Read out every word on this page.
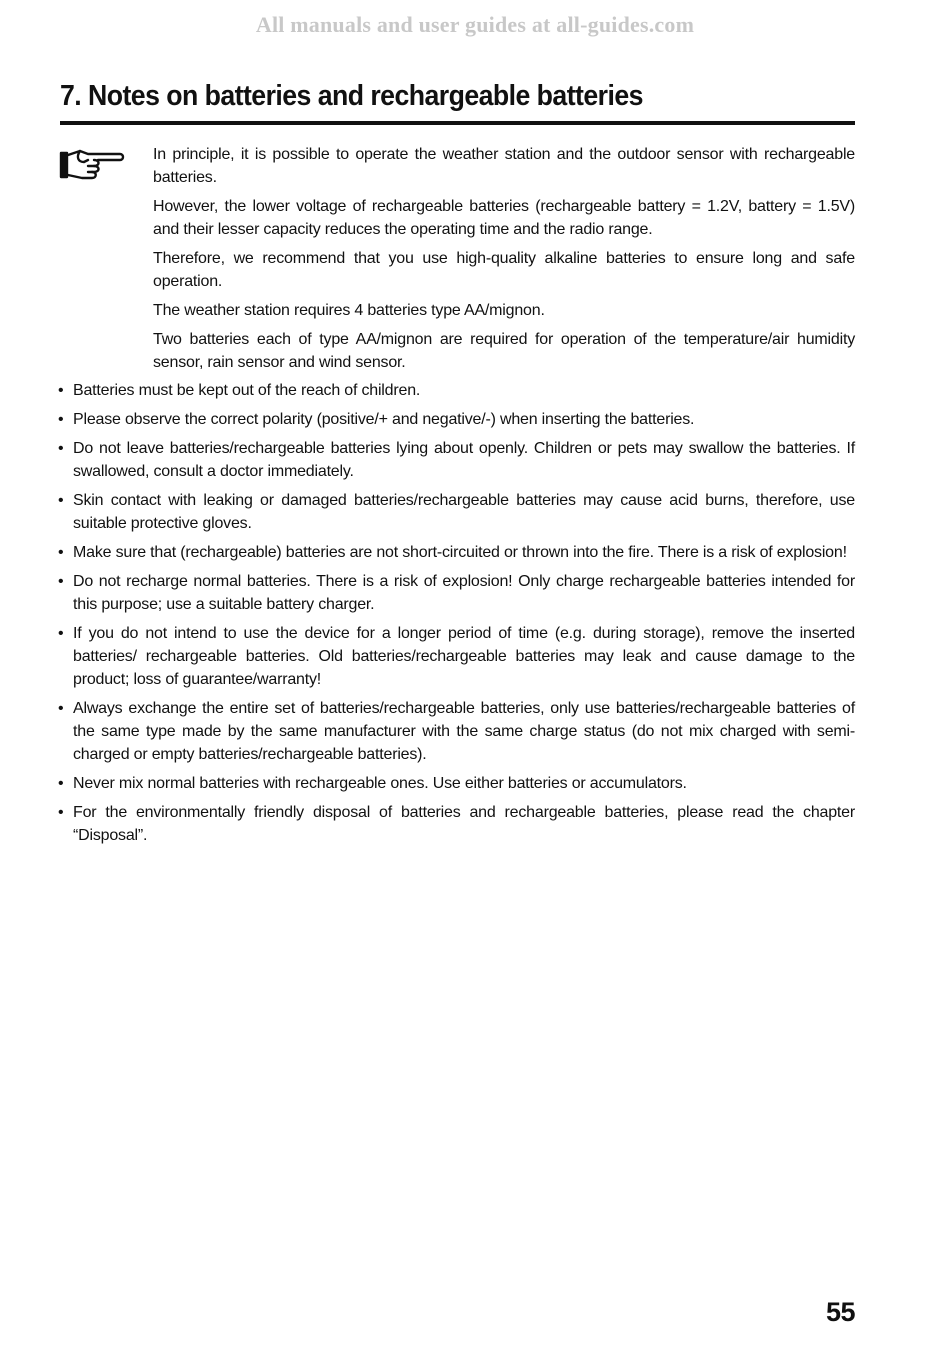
All manuals and user guides at all-guides.com
7. Notes on batteries and rechargeable batteries

In principle, it is possible to operate the weather station and the outdoor sensor with rechargeable batteries.

However, the lower voltage of rechargeable batteries (rechargeable battery = 1.2V, battery = 1.5V) and their lesser capacity reduces the operating time and the radio range.

Therefore, we recommend that you use high-quality alkaline batteries to ensure long and safe operation.

The weather station requires 4 batteries type AA/mignon.

Two batteries each of type AA/mignon are required for operation of the temperature/air humidity sensor, rain sensor and wind sensor.

• Batteries must be kept out of the reach of children.
• Please observe the correct polarity (positive/+ and negative/-) when inserting the batteries.
• Do not leave batteries/rechargeable batteries lying about openly. Children or pets may swallow the batteries. If swallowed, consult a doctor immediately.
• Skin contact with leaking or damaged batteries/rechargeable batteries may cause acid burns, therefore, use suitable protective gloves.
• Make sure that (rechargeable) batteries are not short-circuited or thrown into the fire. There is a risk of explosion!
• Do not recharge normal batteries. There is a risk of explosion! Only charge rechargeable batteries intended for this purpose; use a suitable battery charger.
• If you do not intend to use the device for a longer period of time (e.g. during storage), remove the inserted batteries/ rechargeable batteries. Old batteries/rechargeable batteries may leak and cause damage to the product; loss of guarantee/warranty!
• Always exchange the entire set of batteries/rechargeable batteries, only use batteries/rechargeable batteries of the same type made by the same manufacturer with the same charge status (do not mix charged with semi-charged or empty batteries/rechargeable batteries).
• Never mix normal batteries with rechargeable ones. Use either batteries or accumulators.
• For the environmentally friendly disposal of batteries and rechargeable batteries, please read the chapter “Disposal”.
55
